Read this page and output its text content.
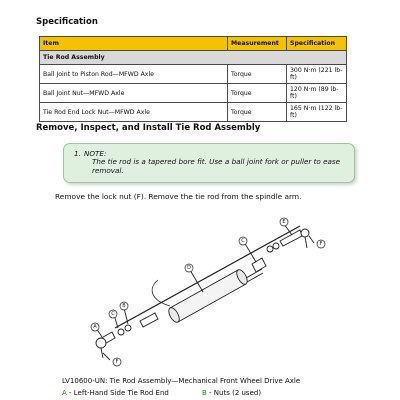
Specification
Item	Measurement	Specification
Tie Rod Assembly		
Ball Joint to Piston Rod—MFWD Axle	Torque	300 N·m (221 lb-ft)
Ball Joint Nut—MFWD Axle	Torque	120 N·m (89 lb-ft)
Tie Rod End Lock Nut—MFWD Axle	Torque	165 N·m (122 lb-ft)
Remove, Inspect, and Install Tie Rod Assembly
1. NOTE:
The tie rod is a tapered bore fit. Use a ball joint fork or puller to ease removal.

Remove the lock nut (F). Remove the tie rod from the spindle arm.

C
D
E
F
B
C
A
F
LV10600-UN: Tie Rod Assembly—Mechanical Front Wheel Drive Axle
A - Left-Hand Side Tie Rod End	B - Nuts (2 used)
